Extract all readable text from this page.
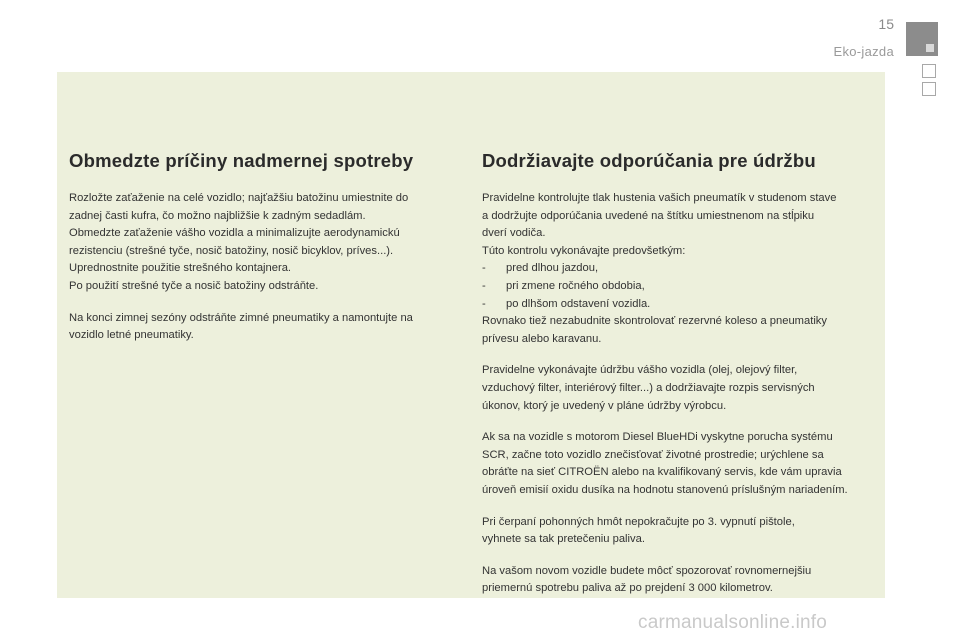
15
Eko-jazda
Obmedzte príčiny nadmernej spotreby

Rozložte zaťaženie na celé vozidlo; najťažšiu batožinu umiestnite do
zadnej časti kufra, čo možno najbližšie k zadným sedadlám.
Obmedzte zaťaženie vášho vozidla a minimalizujte aerodynamickú
rezistenciu (strešné tyče, nosič batožiny, nosič bicyklov, príves...).
Uprednostnite použitie strešného kontajnera.
Po použití strešné tyče a nosič batožiny odstráňte.

Na konci zimnej sezóny odstráňte zimné pneumatiky a namontujte na
vozidlo letné pneumatiky.

Dodržiavajte odporúčania pre údržbu

Pravidelne kontrolujte tlak hustenia vašich pneumatík v studenom stave
a dodržujte odporúčania uvedené na štítku umiestnenom na stĺpiku
dverí vodiča.
Túto kontrolu vykonávajte predovšetkým:
- pred dlhou jazdou,
- pri zmene ročného obdobia,
- po dlhšom odstavení vozidla.
Rovnako tiež nezabudnite skontrolovať rezervné koleso a pneumatiky
prívesu alebo karavanu.

Pravidelne vykonávajte údržbu vášho vozidla (olej, olejový filter,
vzduchový filter, interiérový filter...) a dodržiavajte rozpis servisných
úkonov, ktorý je uvedený v pláne údržby výrobcu.

Ak sa na vozidle s motorom Diesel BlueHDi vyskytne porucha systému
SCR, začne toto vozidlo znečisťovať životné prostredie; urýchlene sa
obráťte na sieť CITROËN alebo na kvalifikovaný servis, kde vám upravia
úroveň emisií oxidu dusíka na hodnotu stanovenú príslušným nariadením.

Pri čerpaní pohonných hmôt nepokračujte po 3. vypnutí pištole,
vyhnete sa tak pretečeniu paliva.

Na vašom novom vozidle budete môcť spozorovať rovnomernejšiu
priemernú spotrebu paliva až po prejdení 3 000 kilometrov.

carmanualsonline.info
